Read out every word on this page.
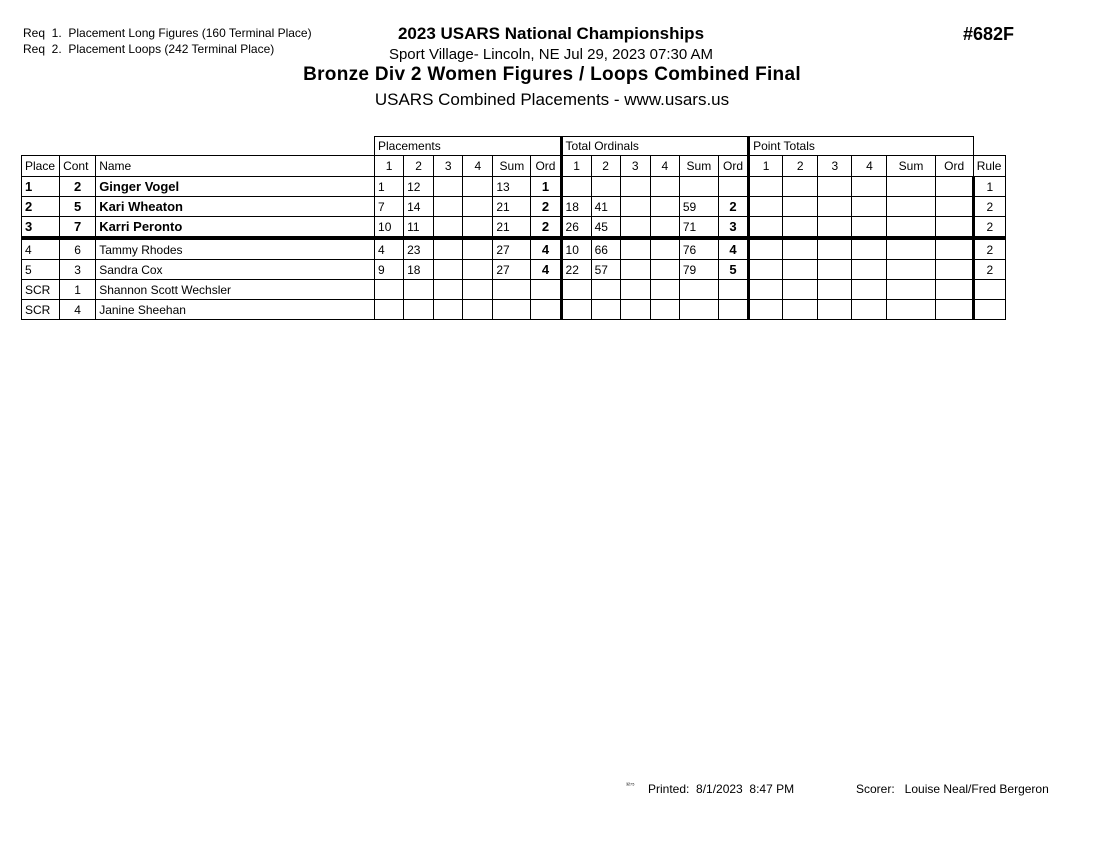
Req  1.  Placement Long Figures (160 Terminal Place)
Req  2.  Placement Loops (242 Terminal Place)
2023 USARS National Championships
Sport Village- Lincoln, NE Jul 29, 2023 07:30 AM
Bronze Div 2 Women Figures / Loops Combined Final
USARS Combined Placements - www.usars.us
#682F
			Placements						Total Ordinals						Point Totals						
Place	Cont	Name	1	2	3	4	Sum	Ord	1	2	3	4	Sum	Ord	1	2	3	4	Sum	Ord	Rule
1	2	Ginger Vogel	1	12			13	1													1
2	5	Kari Wheaton	7	14			21	2	18	41			59	2							2
3	7	Karri Peronto	10	11			21	2	26	45			71	3							2
4	6	Tammy Rhodes	4	23			27	4	10	66			76	4							2
5	3	Sandra Cox	9	18			27	4	22	57			79	5							2
SCR	1	Shannon Scott Wechsler																			
SCR	4	Janine Sheehan																			
³²⁷⁵ Printed:  8/1/2023  8:47 PM	Scorer:   Louise Neal/Fred Bergeron
